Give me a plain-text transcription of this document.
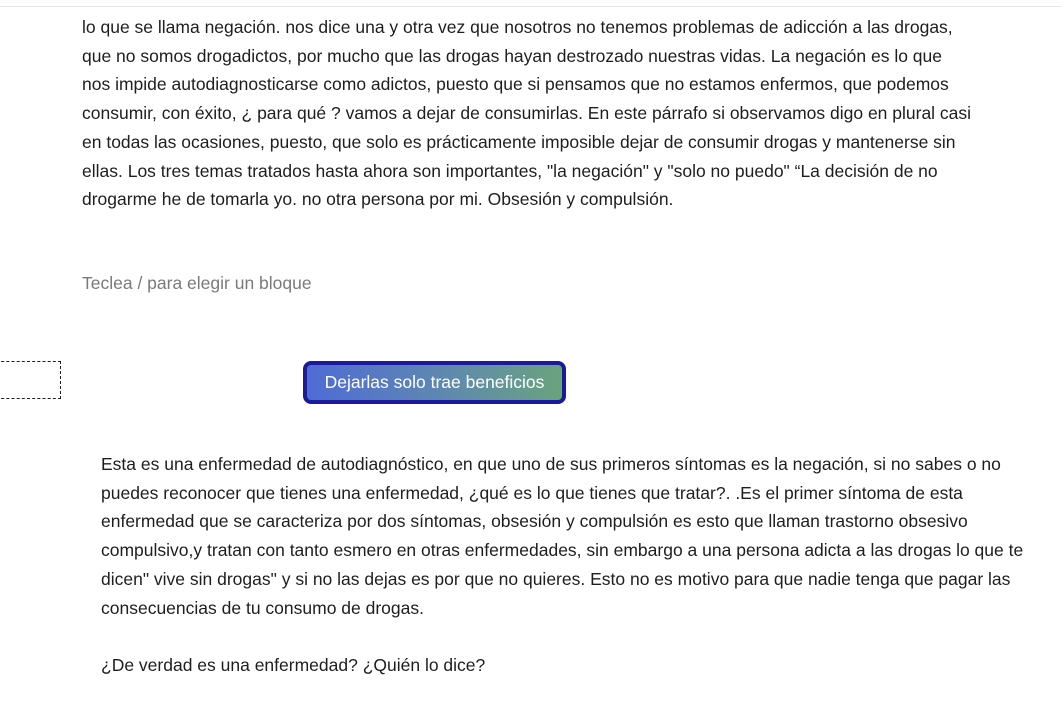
lo que se llama negación. nos dice una y otra vez que nosotros no tenemos problemas de adicción a las drogas, que no somos drogadictos, por mucho que las drogas hayan destrozado nuestras vidas. La negación es lo que nos impide autodiagnosticarse como adictos, puesto que si pensamos que no estamos enfermos, que podemos consumir, con éxito, ¿ para qué ? vamos a dejar de consumirlas. En este párrafo si observamos digo en plural casi en todas las ocasiones, puesto, que solo es prácticamente imposible dejar de consumir drogas y mantenerse sin ellas. Los tres temas tratados hasta ahora son importantes, "la negación" y "solo no puedo" “La decisión de no drogarme he de tomarla yo. no otra persona por mi. Obsesión y compulsión.

Teclea / para elegir un bloque
Dejarlas solo trae beneficios

Esta es una enfermedad de autodiagnóstico, en que uno de sus primeros síntomas es la negación, si no sabes o no puedes reconocer que tienes una enfermedad, ¿qué es lo que tienes que tratar?. .Es el primer síntoma de esta enfermedad que se caracteriza por dos síntomas, obsesión y compulsión es esto que llaman trastorno obsesivo compulsivo,y tratan con tanto esmero en otras enfermedades, sin embargo a una persona adicta a las drogas lo que te dicen" vive sin drogas" y si no las dejas es por que no quieres. Esto no es motivo para que nadie tenga que pagar las consecuencias de tu consumo de drogas.

¿De verdad es una enfermedad? ¿Quién lo dice?
